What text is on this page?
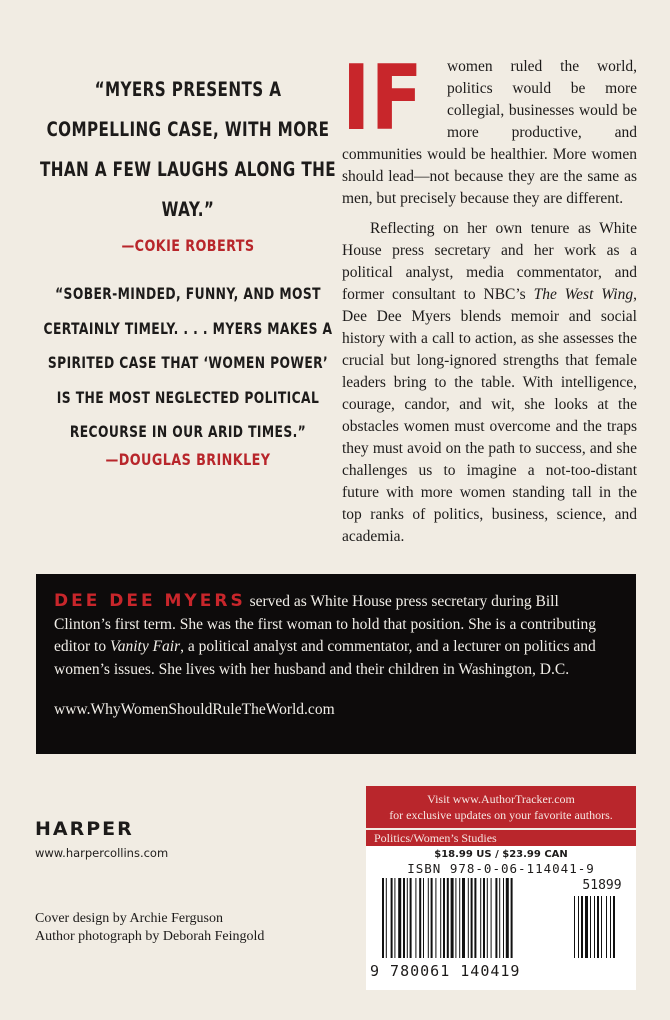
“MYERS PRESENTS A COMPELLING CASE, WITH MORE THAN A FEW LAUGHS ALONG THE WAY.”
—COKIE ROBERTS
“SOBER-MINDED, FUNNY, AND MOST CERTAINLY TIMELY. . . . MYERS MAKES A SPIRITED CASE THAT ‘WOMEN POWER’ IS THE MOST NEGLECTED POLITICAL RECOURSE IN OUR ARID TIMES.”
—DOUGLAS BRINKLEY

IF women ruled the world, politics would be more collegial, businesses would be more productive, and communities would be healthier. More women should lead—not because they are the same as men, but precisely because they are different.

Reflecting on her own tenure as White House press secretary and her work as a political analyst, media commentator, and former consultant to NBC’s The West Wing, Dee Dee Myers blends memoir and social history with a call to action, as she assesses the crucial but long-ignored strengths that female leaders bring to the table. With intelligence, courage, candor, and wit, she looks at the obstacles women must overcome and the traps they must avoid on the path to success, and she challenges us to imagine a not-too-distant future with more women standing tall in the top ranks of politics, business, science, and academia.

DEE DEE MYERS served as White House press secretary during Bill Clinton’s first term. She was the first woman to hold that position. She is a contributing editor to Vanity Fair, a political analyst and commentator, and a lecturer on politics and women’s issues. She lives with her husband and their children in Washington, D.C.
www.WhyWomenShouldRuleTheWorld.com
HARPER
www.harpercollins.com
Cover design by Archie Ferguson
Author photograph by Deborah Feingold
Visit www.AuthorTracker.com
for exclusive updates on your favorite authors.
Politics/Women’s Studies
$18.99 US / $23.99 CAN
ISBN 978-0-06-114041-9
9 780061 140419
51899
